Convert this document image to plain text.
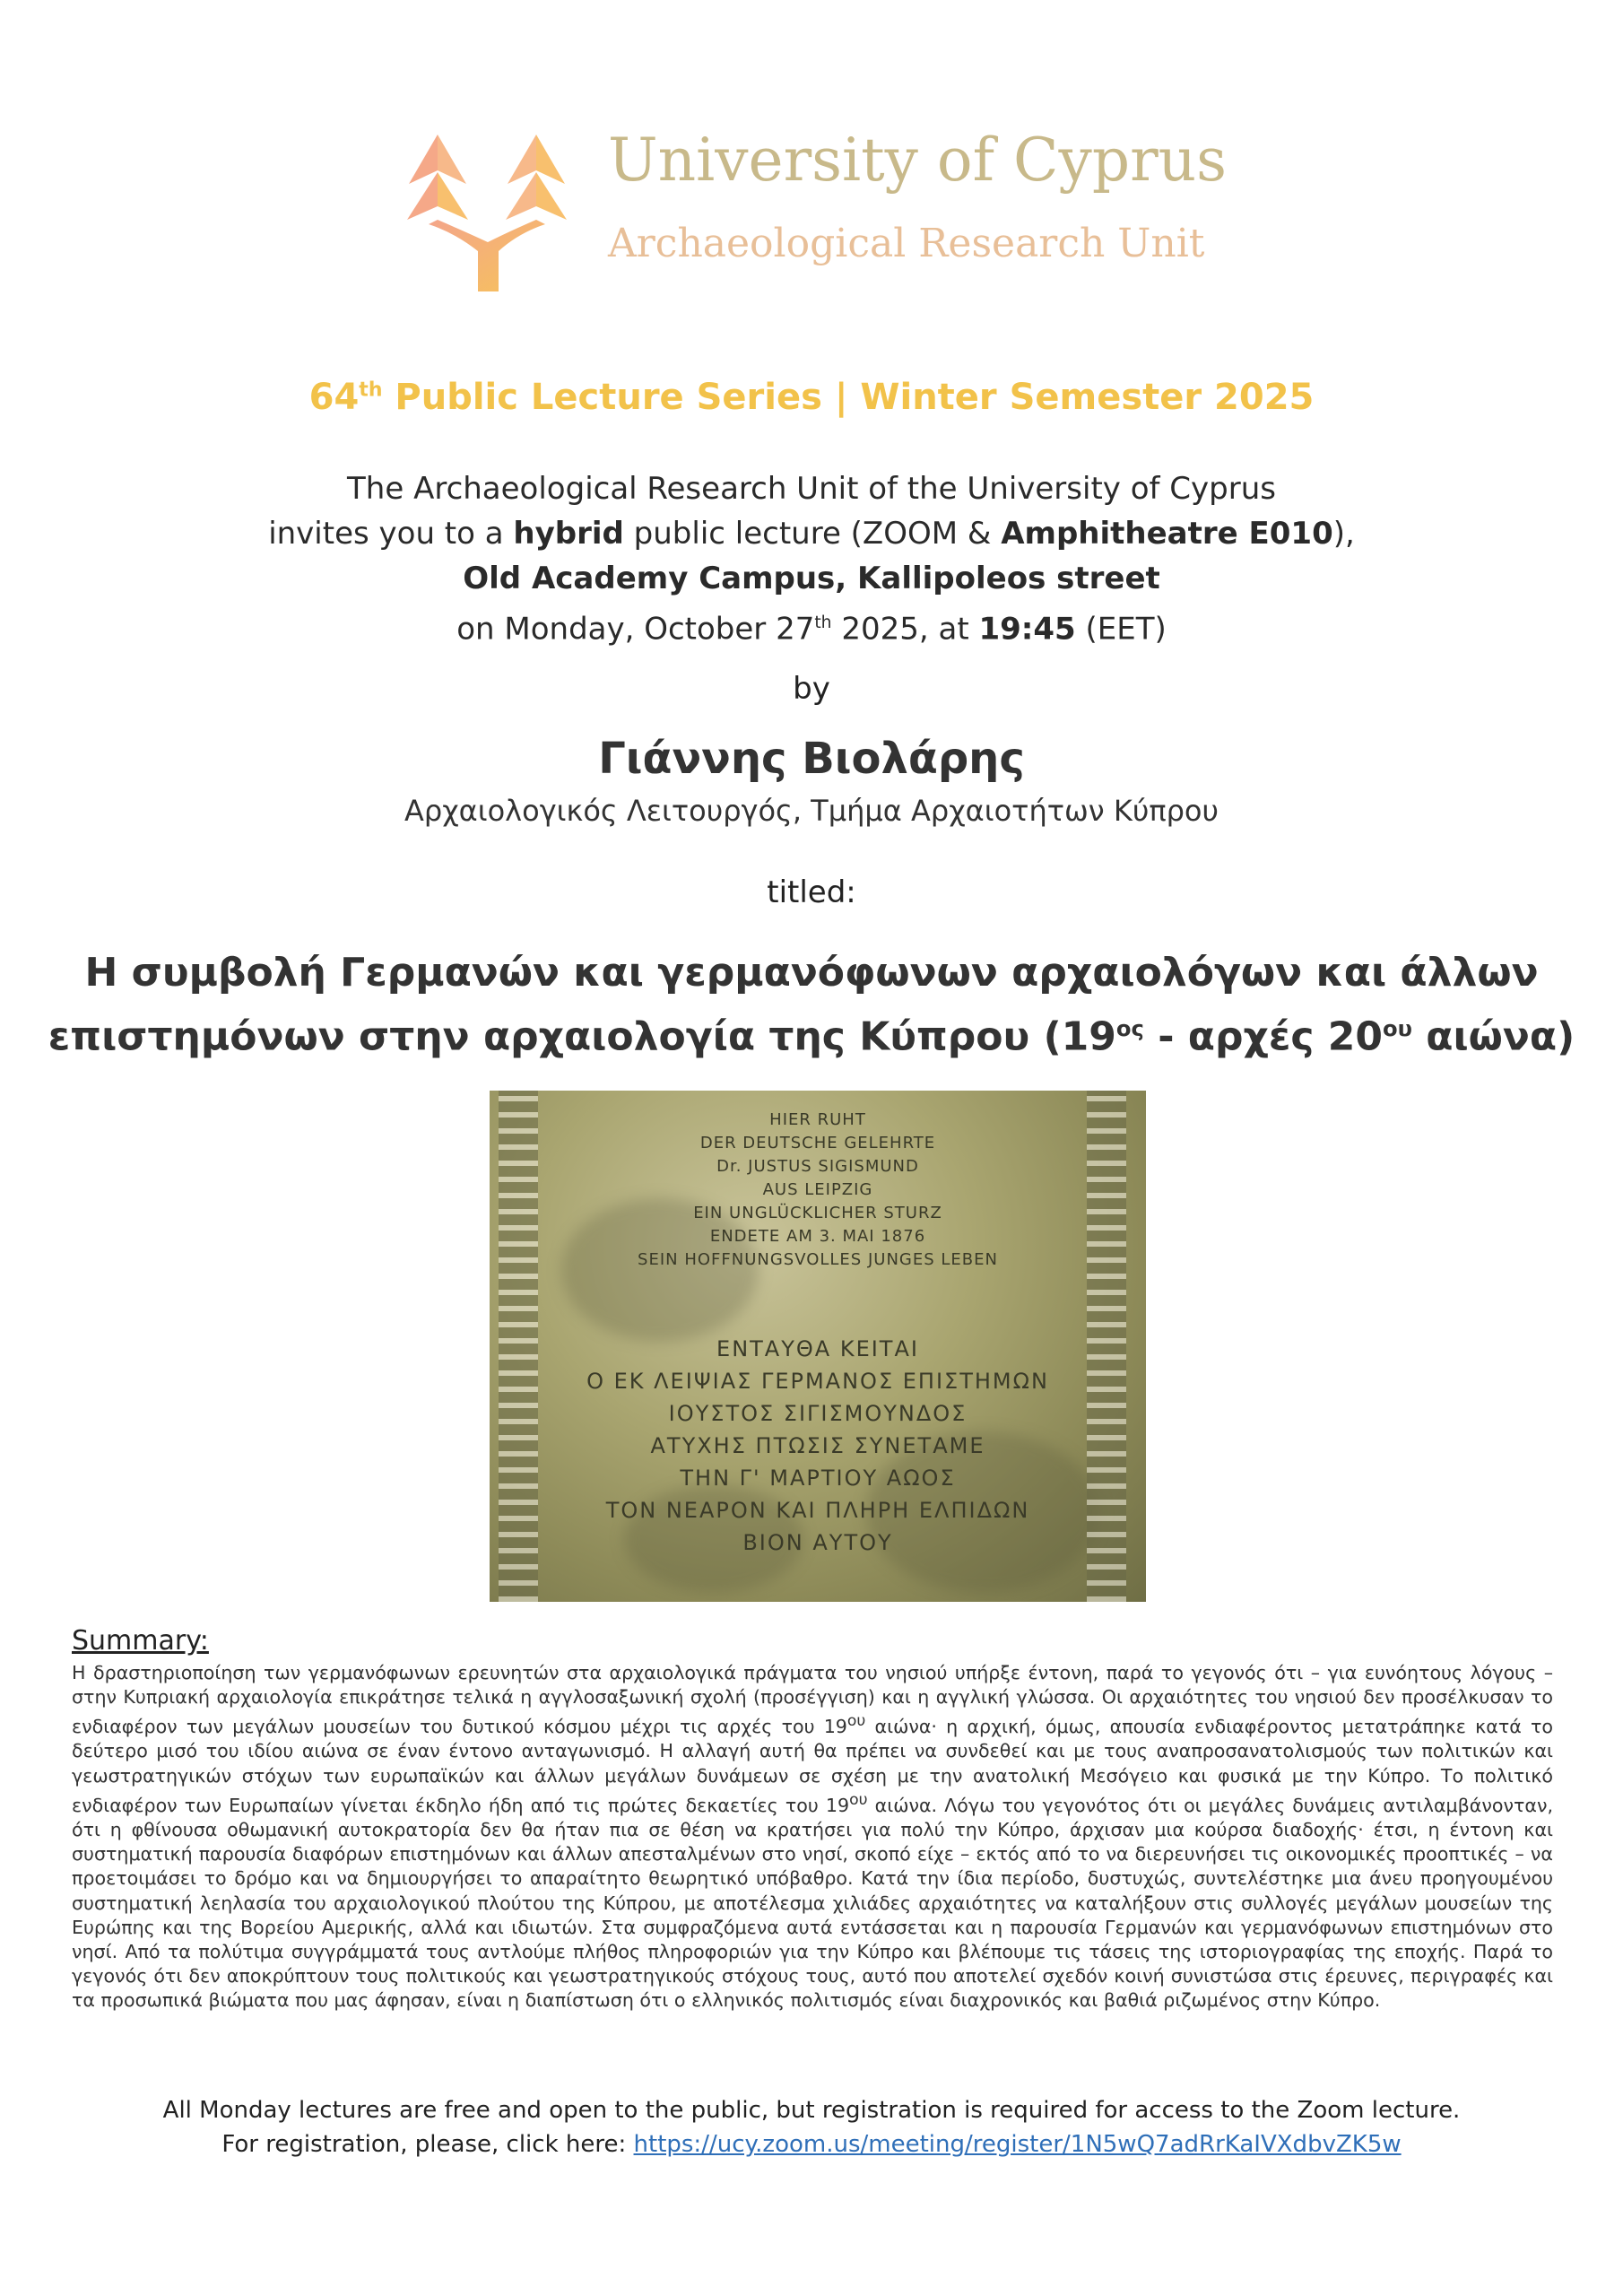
University of Cyprus
Archaeological Research Unit
64th Public Lecture Series | Winter Semester 2025
The Archaeological Research Unit of the University of Cyprus
invites you to a hybrid public lecture (ZOOM & Amphitheatre E010),
Old Academy Campus, Kallipoleos street
on Monday, October 27th 2025, at 19:45 (EET)
by
Γιάννης Βιολάρης
Αρχαιολογικός Λειτουργός, Τμήμα Αρχαιοτήτων Κύπρου
titled:
Η συμβολή Γερμανών και γερμανόφωνων αρχαιολόγων και άλλων
επιστημόνων στην αρχαιολογία της Κύπρου ($19^{o\varsigma}$ - αρχές $20^{o\upsilon}$ αιώνα)
HIER RUHT
DER DEUTSCHE GELEHRTE
Dr. JUSTUS SIGISMUND
AUS LEIPZIG
EIN UNGLÜCKLICHER STURZ
ENDETE AM 3. MAI 1876
SEIN HOFFNUNGSVOLLES JUNGES LEBEN
ΕΝΤΑΥΘΑ ΚΕΙΤΑΙ
Ο ΕΚ ΛΕΙΨΙΑΣ ΓΕΡΜΑΝΟΣ ΕΠΙΣΤΗΜΩΝ
ΙΟΥΣΤΟΣ ΣΙΓΙΣΜΟΥΝΔΟΣ
ΑΤΥΧΗΣ ΠΤΩΣΙΣ ΣΥΝΕΤΑΜΕ
ΤΗΝ Γ' ΜΑΡΤΙΟΥ ΑΩΟΣ
ΤΟΝ ΝΕΑΡΟΝ ΚΑΙ ΠΛΗΡΗ ΕΛΠΙΔΩΝ
ΒΙΟΝ ΑΥΤΟΥ
Summary:
Η δραστηριοποίηση των γερμανόφωνων ερευνητών στα αρχαιολογικά πράγματα του νησιού υπήρξε έντονη, παρά το γεγονός ότι – για ευνόητους λόγους – στην Κυπριακή αρχαιολογία επικράτησε τελικά η αγγλοσαξωνική σχολή (προσέγγιση) και η αγγλική γλώσσα. Οι αρχαιότητες του νησιού δεν προσέλκυσαν το ενδιαφέρον των μεγάλων μουσείων του δυτικού κόσμου μέχρι τις αρχές του $19^{o\upsilon}$ αιώνα· η αρχική, όμως, απουσία ενδιαφέροντος μετατράπηκε κατά το δεύτερο μισό του ιδίου αιώνα σε έναν έντονο ανταγωνισμό. Η αλλαγή αυτή θα πρέπει να συνδεθεί και με τους αναπροσανατολισμούς των πολιτικών και γεωστρατηγικών στόχων των ευρωπαϊκών και άλλων μεγάλων δυνάμεων σε σχέση με την ανατολική Μεσόγειο και φυσικά με την Κύπρο. Το πολιτικό ενδιαφέρον των Ευρωπαίων γίνεται έκδηλο ήδη από τις πρώτες δεκαετίες του $19^{o\upsilon}$ αιώνα. Λόγω του γεγονότος ότι οι μεγάλες δυνάμεις αντιλαμβάνονταν, ότι η φθίνουσα οθωμανική αυτοκρατορία δεν θα ήταν πια σε θέση να κρατήσει για πολύ την Κύπρο, άρχισαν μια κούρσα διαδοχής· έτσι, η έντονη και συστηματική παρουσία διαφόρων επιστημόνων και άλλων απεσταλμένων στο νησί, σκοπό είχε – εκτός από το να διερευνήσει τις οικονομικές προοπτικές – να προετοιμάσει το δρόμο και να δημιουργήσει το απαραίτητο θεωρητικό υπόβαθρο. Κατά την ίδια περίοδο, δυστυχώς, συντελέστηκε μια άνευ προηγουμένου συστηματική λεηλασία του αρχαιολογικού πλούτου της Κύπρου, με αποτέλεσμα χιλιάδες αρχαιότητες να καταλήξουν στις συλλογές μεγάλων μουσείων της Ευρώπης και της Βορείου Αμερικής, αλλά και ιδιωτών. Στα συμφραζόμενα αυτά εντάσσεται και η παρουσία Γερμανών και γερμανόφωνων επιστημόνων στο νησί. Από τα πολύτιμα συγγράμματά τους αντλούμε πλήθος πληροφοριών για την Κύπρο και βλέπουμε τις τάσεις της ιστοριογραφίας της εποχής. Παρά το γεγονός ότι δεν αποκρύπτουν τους πολιτικούς και γεωστρατηγικούς στόχους τους, αυτό που αποτελεί σχεδόν κοινή συνιστώσα στις έρευνες, περιγραφές και τα προσωπικά βιώματα που μας άφησαν, είναι η διαπίστωση ότι ο ελληνικός πολιτισμός είναι διαχρονικός και βαθιά ριζωμένος στην Κύπρο.
All Monday lectures are free and open to the public, but registration is required for access to the Zoom lecture.
For registration, please, click here: https://ucy.zoom.us/meeting/register/1N5wQ7adRrKaIVXdbvZK5w
